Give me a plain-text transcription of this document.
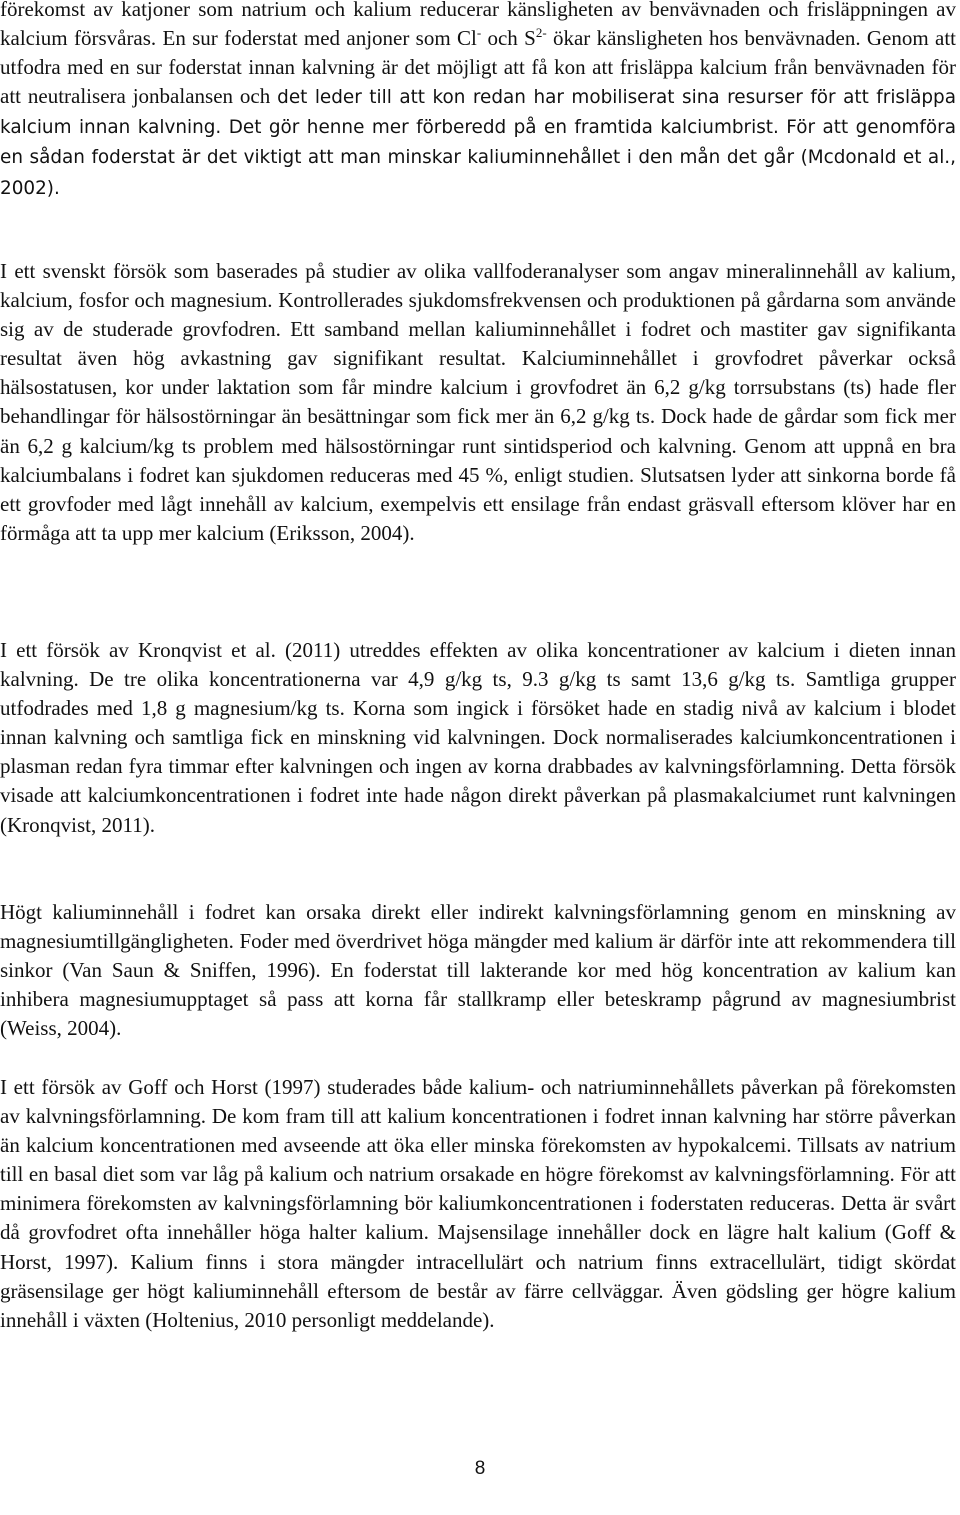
förekomst av katjoner som natrium och kalium reducerar känsligheten av benvävnaden och frisläppningen av kalcium försvåras. En sur foderstat med anjoner som Cl- och $S^{2-}$ ökar känsligheten hos benvävnaden. Genom att utfodra med en sur foderstat innan kalvning är det möjligt att få kon att frisläppa kalcium från benvävnaden för att neutralisera jonbalansen och det leder till att kon redan har mobiliserat sina resurser för att frisläppa kalcium innan kalvning. Det gör henne mer förberedd på en framtida kalciumbrist. För att genomföra en sådan foderstat är det viktigt att man minskar kaliuminnehållet i den mån det går (Mcdonald et al., 2002).

I ett svenskt försök som baserades på studier av olika vallfoderanalyser som angav mineralinnehåll av kalium, kalcium, fosfor och magnesium. Kontrollerades sjukdomsfrekvensen och produktionen på gårdarna som använde sig av de studerade grovfodren. Ett samband mellan kaliuminnehållet i fodret och mastiter gav signifikanta resultat även hög avkastning gav signifikant resultat. Kalciuminnehållet i grovfodret påverkar också hälsostatusen, kor under laktation som får mindre kalcium i grovfodret än 6,2 g/kg torrsubstans (ts) hade fler behandlingar för hälsostörningar än besättningar som fick mer än 6,2 g/kg ts. Dock hade de gårdar som fick mer än 6,2 g kalcium/kg ts problem med hälsostörningar runt sintidsperiod och kalvning. Genom att uppnå en bra kalciumbalans i fodret kan sjukdomen reduceras med 45 %, enligt studien. Slutsatsen lyder att sinkorna borde få ett grovfoder med lågt innehåll av kalcium, exempelvis ett ensilage från endast gräsvall eftersom klöver har en förmåga att ta upp mer kalcium (Eriksson, 2004).

I ett försök av Kronqvist et al. (2011) utreddes effekten av olika koncentrationer av kalcium i dieten innan kalvning. De tre olika koncentrationerna var 4,9 g/kg ts, 9.3 g/kg ts samt 13,6 g/kg ts. Samtliga grupper utfodrades med 1,8 g magnesium/kg ts. Korna som ingick i försöket hade en stadig nivå av kalcium i blodet innan kalvning och samtliga fick en minskning vid kalvningen. Dock normaliserades kalciumkoncentrationen i plasman redan fyra timmar efter kalvningen och ingen av korna drabbades av kalvningsförlamning. Detta försök visade att kalciumkoncentrationen i fodret inte hade någon direkt påverkan på plasmakalciumet runt kalvningen (Kronqvist, 2011).

Högt kaliuminnehåll i fodret kan orsaka direkt eller indirekt kalvningsförlamning genom en minskning av magnesiumtillgängligheten. Foder med överdrivet höga mängder med kalium är därför inte att rekommendera till sinkor (Van Saun & Sniffen, 1996). En foderstat till lakterande kor med hög koncentration av kalium kan inhibera magnesiumupptaget så pass att korna får stallkramp eller beteskramp pågrund av magnesiumbrist (Weiss, 2004).

I ett försök av Goff och Horst (1997) studerades både kalium- och natriuminnehållets påverkan på förekomsten av kalvningsförlamning. De kom fram till att kalium koncentrationen i fodret innan kalvning har större påverkan än kalcium koncentrationen med avseende att öka eller minska förekomsten av hypokalcemi. Tillsats av natrium till en basal diet som var låg på kalium och natrium orsakade en högre förekomst av kalvningsförlamning. För att minimera förekomsten av kalvningsförlamning bör kaliumkoncentrationen i foderstaten reduceras. Detta är svårt då grovfodret ofta innehåller höga halter kalium. Majsensilage innehåller dock en lägre halt kalium (Goff & Horst, 1997). Kalium finns i stora mängder intracellulärt och natrium finns extracellulärt, tidigt skördat gräsensilage ger högt kaliuminnehåll eftersom de består av färre cellväggar. Även gödsling ger högre kalium innehåll i växten (Holtenius, 2010 personligt meddelande).

8
